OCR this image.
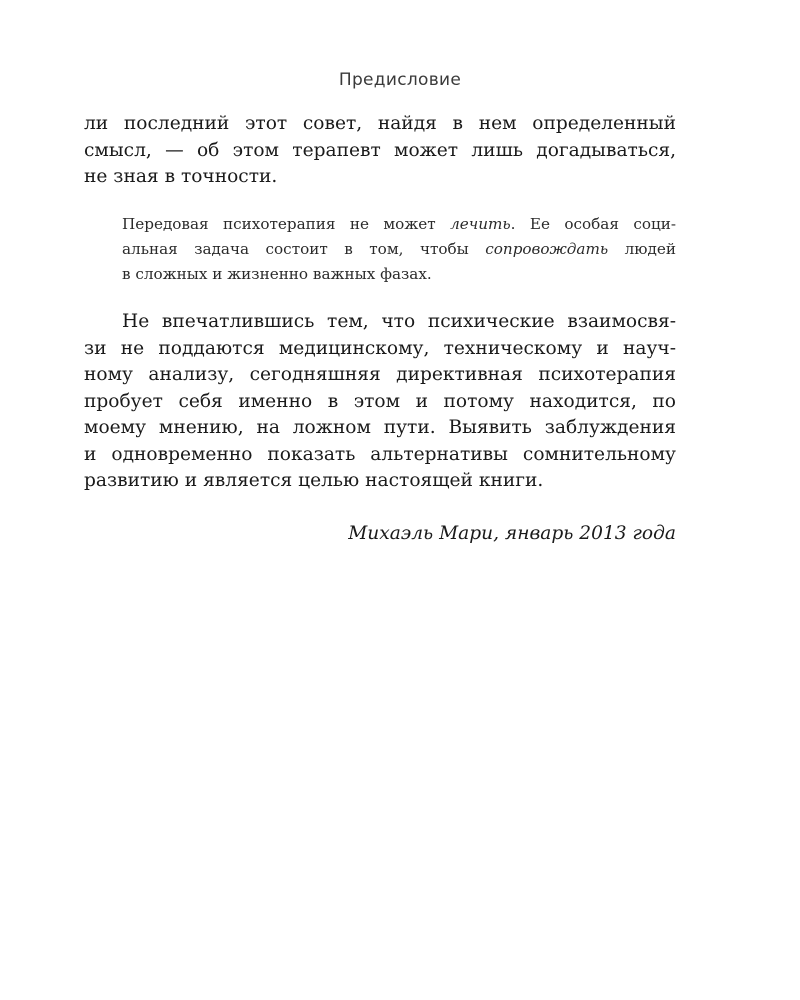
Предисловие
ли последний этот совет, найдя в нем определенный
смысл, — об этом терапевт может лишь догадываться,
не зная в точности.
Передовая психотерапия не может лечить. Ее особая соци-
альная задача состоит в том, чтобы сопровождать людей
в сложных и жизненно важных фазах.
Не впечатлившись тем, что психические взаимосвя-
зи не поддаются медицинскому, техническому и науч-
ному анализу, сегодняшняя директивная психотерапия
пробует себя именно в этом и потому находится, по
моему мнению, на ложном пути. Выявить заблуждения
и одновременно показать альтернативы сомнительному
развитию и является целью настоящей книги.
Михаэль Мари, январь 2013 года
